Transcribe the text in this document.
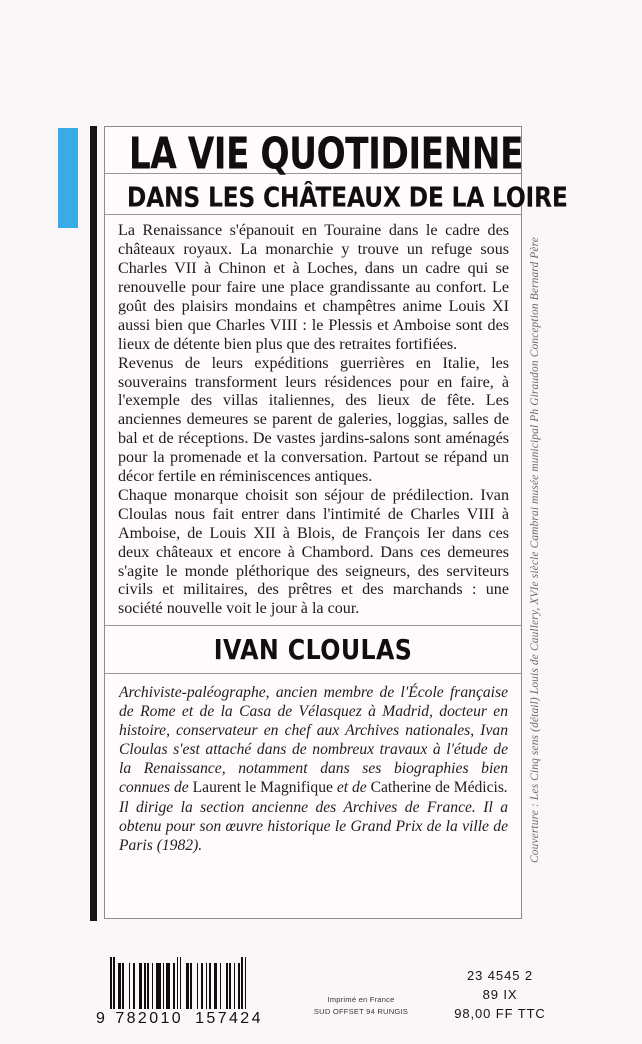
LA VIE QUOTIDIENNE
DANS LES CHÂTEAUX DE LA LOIRE

La Renaissance s'épanouit en Touraine dans le cadre des châteaux royaux. La monarchie y trouve un refuge sous Charles VII à Chinon et à Loches, dans un cadre qui se renouvelle pour faire une place grandissante au confort. Le goût des plaisirs mondains et champêtres anime Louis XI aussi bien que Charles VIII : le Plessis et Amboise sont des lieux de détente bien plus que des retraites fortifiées.

Revenus de leurs expéditions guerrières en Italie, les souverains transforment leurs résidences pour en faire, à l'exemple des villas italiennes, des lieux de fête. Les anciennes demeures se parent de galeries, loggias, salles de bal et de réceptions. De vastes jardins-salons sont aménagés pour la promenade et la conversation. Partout se répand un décor fertile en réminiscences antiques.

Chaque monarque choisit son séjour de prédilection. Ivan Cloulas nous fait entrer dans l'intimité de Charles VIII à Amboise, de Louis XII à Blois, de François Ier dans ces deux châteaux et encore à Chambord. Dans ces demeures s'agite le monde pléthorique des seigneurs, des serviteurs civils et militaires, des prêtres et des marchands : une société nouvelle voit le jour à la cour.

IVAN CLOULAS

Archiviste-paléographe, ancien membre de l'École française de Rome et de la Casa de Vélasquez à Madrid, docteur en histoire, conservateur en chef aux Archives nationales, Ivan Cloulas s'est attaché dans de nombreux travaux à l'étude de la Renaissance, notamment dans ses biographies bien connues de Laurent le Magnifique et de Catherine de Médicis.

Il dirige la section ancienne des Archives de France. Il a obtenu pour son œuvre historique le Grand Prix de la ville de Paris (1982).	Couverture : Les Cinq sens (détail) Louis de Caullery, XVIe siècle Cambrai musée municipal Ph Giraudon Conception Bernard Père
9 782010 157424
Imprimé en France
SUD OFFSET 94 RUNGIS
23 4545 2
89 IX
98,00 FF TTC
